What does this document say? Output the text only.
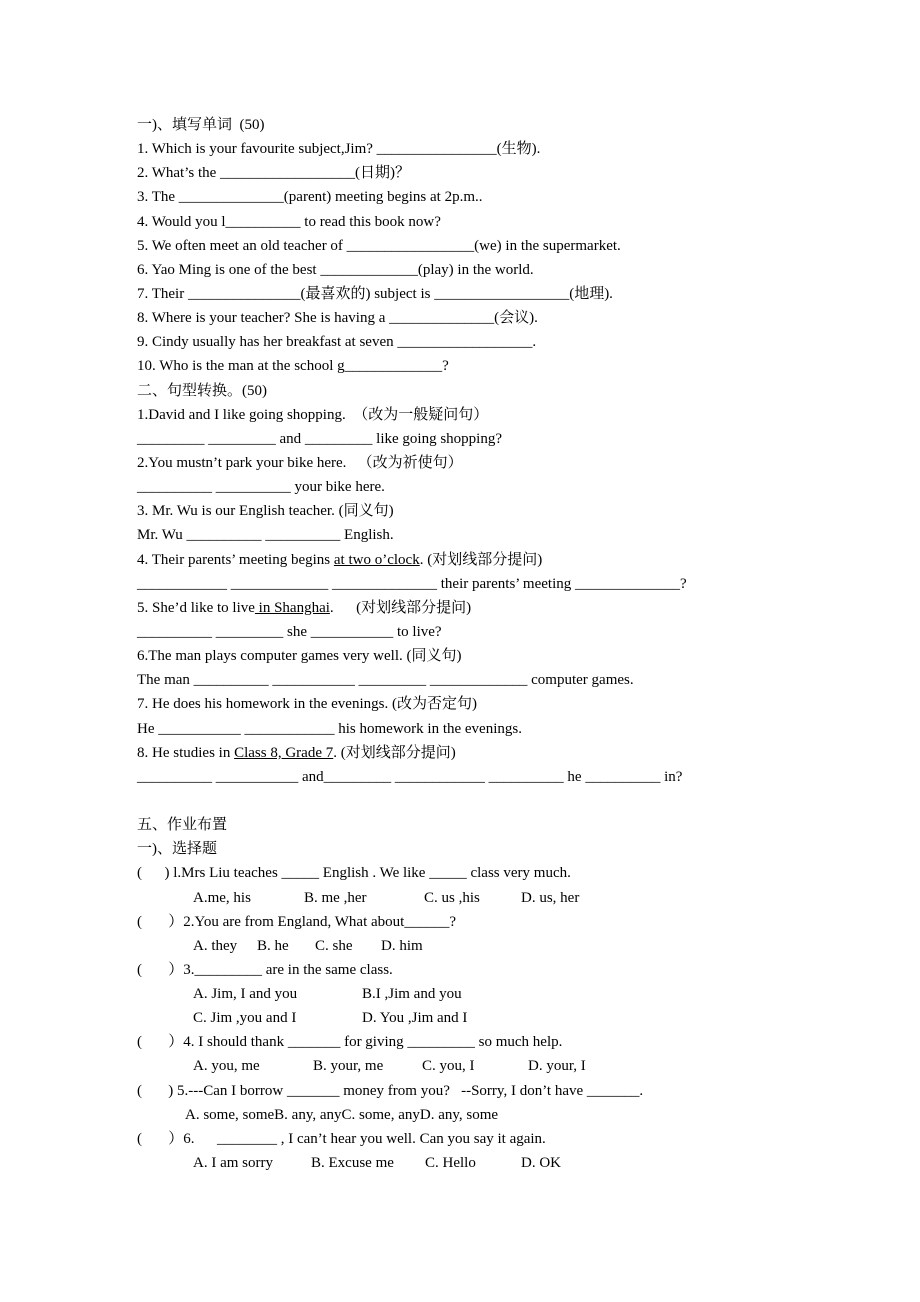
一)、填写单词  (50)
1. Which is your favourite subject,Jim? ________________(生物).
2. What’s the __________________(日期)？
3. The ______________(parent) meeting begins at 2p.m..
4. Would you l__________ to read this book now?
5. We often meet an old teacher of _________________(we) in the supermarket.
6. Yao Ming is one of the best _____________(play) in the world.
7. Their _______________(最喜欢的) subject is __________________(地理).
8. Where is your teacher? She is having a ______________(会议).
9. Cindy usually has her breakfast at seven __________________.
10. Who is the man at the school g_____________?
二、句型转换。(50)
1.David and I like going shopping.  （改为一般疑问句）
_________ _________ and _________ like going shopping?
2.You mustn’t park your bike here.   （改为祈使句）
__________ __________ your bike here.
3. Mr. Wu is our English teacher. (同义句)
Mr. Wu __________ __________ English.
4. Their parents’ meeting begins at two o’clock. (对划线部分提问)
____________ _____________ ______________ their parents’ meeting ______________?
5. She’d like to live in Shanghai.      (对划线部分提问)
__________ _________ she ___________ to live?
6.The man plays computer games very well. (同义句)
The man __________ ___________ _________ _____________ computer games.
7. He does his homework in the evenings. (改为否定句)
He ___________ ____________ his homework in the evenings.
8. He studies in Class 8, Grade 7. (对划线部分提问)
__________ ___________ and_________ ____________ __________ he __________ in?
五、作业布置
一)、选择题
(      ) l.Mrs Liu teaches _____ English . We like _____ class very much.
A.me, his	B. me ,her	C. us ,his	D. us, her
(       ）2.You are from England, What about______?
A. they B. he C. she D. him
(       ）3._________ are in the same class.
A. Jim, I and you	B.I ,Jim and you
C. Jim ,you and I	D. You ,Jim and I
(       ）4. I should thank _______ for giving _________ so much help.
A. you, me	B. your, me	C. you, I	D. your, I
(       ) 5.---Can I borrow _______ money from you?   --Sorry, I don’t have _______.
A. some, someB. any, anyC. some, anyD. any, some
(       ）6.      ________ , I can’t hear you well. Can you say it again.
A. I am sorry	B. Excuse me C. Hello	D. OK
